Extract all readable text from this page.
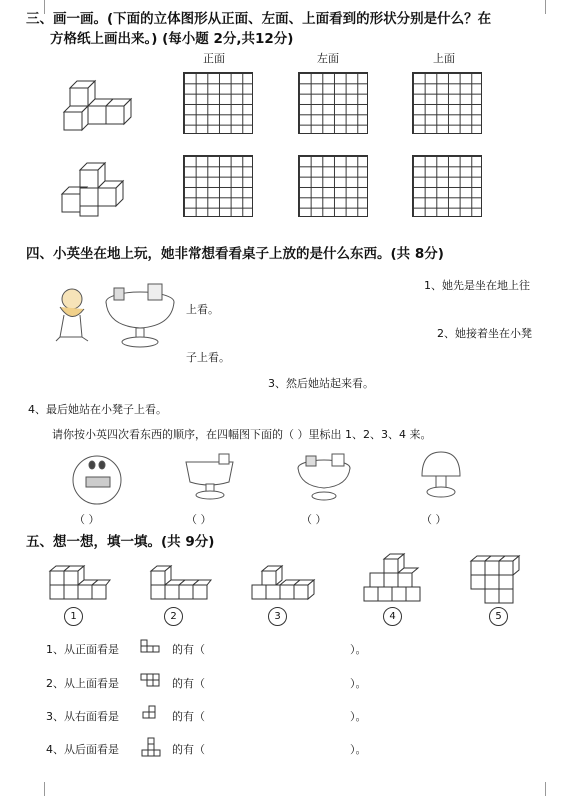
三、画一画。(下面的立体图形从正面、左面、上面看到的形状分别是什么？在
方格纸上画出来。) (每小题 2分,共12分)
正面	左面	上面
四、小英坐在地上玩，她非常想看看桌子上放的是什么东西。(共 8分)
1、她先是坐在地上往
上看。
2、她接着坐在小凳
子上看。
3、然后她站起来看。
4、最后她站在小凳子上看。
请你按小英四次看东西的顺序，在四幅图下面的（ ）里标出 1、2、3、4 来。
（ ）	（ ）	（ ）	（ ）
五、想一想，填一填。(共 9分)
1	2	3	4	5
1、从正面看是	的有（	）。
2、从上面看是	的有（	）。
3、从右面看是	的有（	）。
4、从后面看是	的有（	）。
